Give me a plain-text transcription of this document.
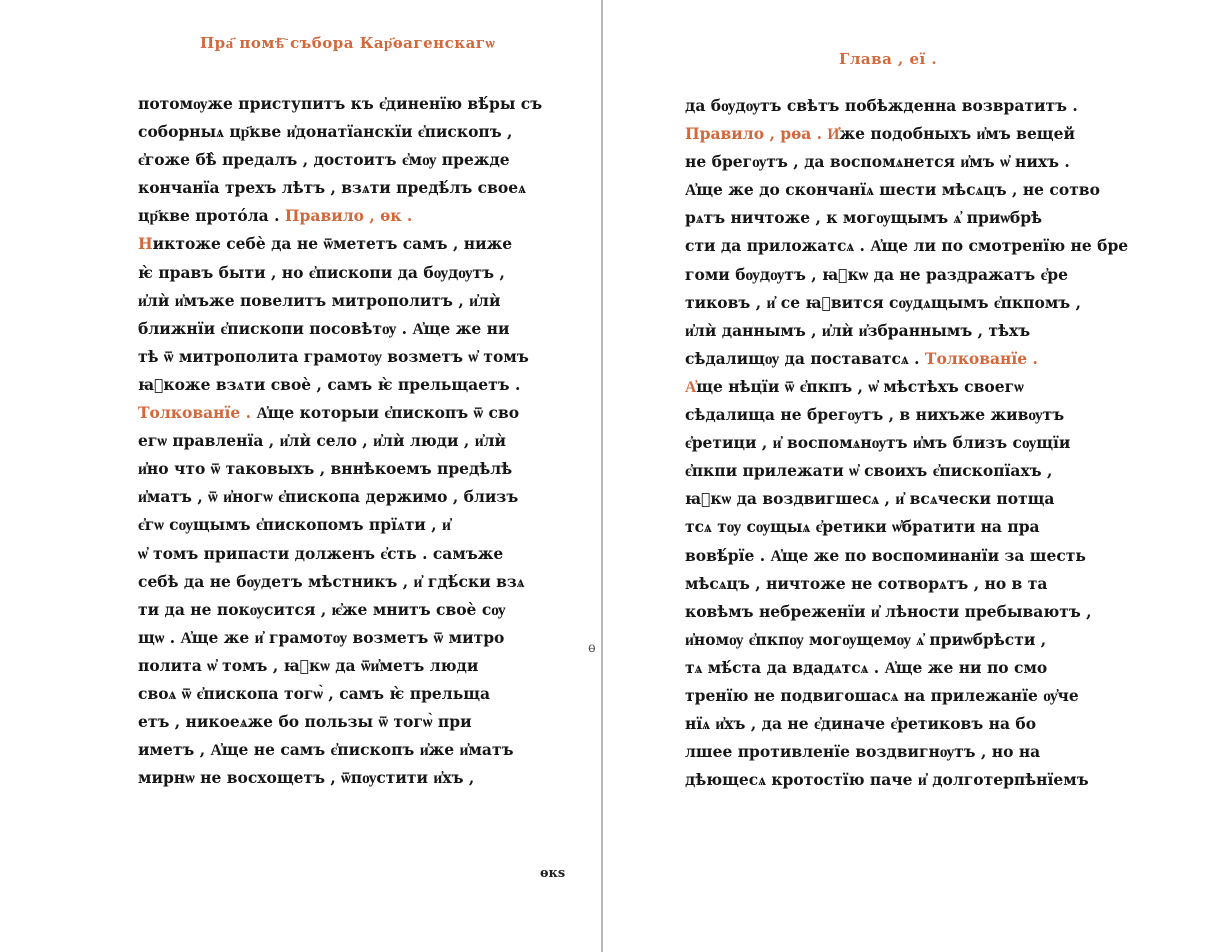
Пра҃ помѣ҇ събора Кар҃ѳагенскагѡ
потомѹже приступитъ къ є҆динeнїю вѣ́ры съ
соборныѧ цр҃кве и҆донатїанскїи є҆пископъ ,
є҆гоже бѣ̀ предалъ , достоитъ є҆мѹ прежде
кончанїа трехъ лѣтъ , взѧти предѣ́лъ своеѧ
цр҃кве прото́ла . Правило , ѳк .
Никтоже себѐ да не ѿмететъ самъ , ниже
ѥ̀ правъ быти , но є҆пископи да бѹдѹтъ ,
и҆лѝ и҆мъже повелитъ митрополитъ , и҆лѝ
ближнїи є҆пископи посовѣтѹ . А҆ще же ни
тѣ ѿ митрополита грамотѹ возметъ ѡ҆ томъ
ꙗ҆коже взѧти своѐ , самъ ѥ̀ прельщаетъ .
Толкованїе . А҆ще которыи є҆пископъ ѿ сво
егѡ правленїа , и҆лѝ село , и҆лѝ люди , и҆лѝ
и҆но что ѿ таковыхъ , вннѣкоемъ предѣлѣ
и҆матъ , ѿ и҆ногѡ є҆пископа держимо , близъ
є҆гѡ сѹщымъ є҆пископомъ прїѧти , и҆
ѡ҆ томъ припасти долженъ є҆сть . самъже
себѣ да не бѹдетъ мѣстникъ , и҆ гдѣ́ски взѧ
ти да не покѹсится , ѥ҆же мнитъ своѐ сѹ
щѡ . А҆ще же и҆ грамотѹ возметъ ѿ митро
полита ѡ҆ томъ , ꙗ҆кѡ да ѿи҆метъ люди
своѧ ѿ є҆пископа тогѡ̀ , самъ ѥ̀ прельща
етъ , никоеѧже бо пользы ѿ тогѡ̀ при
иметъ , А҆ще не самъ є҆пископъ и҆же и҆матъ
мирнѡ не восхощетъ , ѿпѹстити и҆хъ ,
ѳкѕ
ѳ
Глава , еї .
да бѹдѹтъ свѣтъ побѣжденна возвратитъ .
Правило , рѳа . И҆же подобныхъ и҆мъ вещей
не брегѹтъ , да воспомѧнется и҆мъ ѡ҆ нихъ .
А҆ще же до скончанїѧ шести мѣсѧцъ , не сотво
рѧтъ ничтоже , к могѹщымъ ѧ҆ приѡбрѣ
сти да приложатсѧ . А҆ще ли по смотренїю не бре
гоми бѹдѹтъ , ꙗ҆кѡ да не раздражатъ є҆ре
тиковъ , и҆ се ꙗ҆вится сѹдѧщымъ є҆пкпомъ ,
и҆лѝ даннымъ , и҆лѝ и҆збраннымъ , тѣхъ
сѣдалищѹ да поставатсѧ . Толкованїе .
А҆ще нѣцїи ѿ є҆пкпъ , ѡ҆ мѣстѣхъ своегѡ
сѣдалища не брегѹтъ , в нихъже живѹтъ
є҆ретици , и҆ воспомѧнѹтъ и҆мъ близъ сѹщїи
є҆пкпи прилежати ѡ҆ своихъ є҆пископїахъ ,
ꙗ҆кѡ да воздвигшесѧ , и҆ всѧчески потща
тсѧ тѹ сѹщыѧ є҆ретики ѡ҆братити на пра
вовѣ́рїе . А҆ще же по воспоминанїи за шесть
мѣсѧцъ , ничтоже не сотворѧтъ , но в та
ковѣмъ небреженїи и҆ лѣности пребываютъ ,
и҆номѹ є҆пкпѹ могѹщемѹ ѧ҆ приѡбрѣсти ,
тѧ мѣ́ста да вдадѧтсѧ . А҆ще же ни по смо
тренїю не подвигошасѧ на прилежанїе ѹ҆че
нїѧ и҆хъ , да не є҆диначе є҆ретиковъ на бо
лшее противленїе воздвигнѹтъ , но на
дѣющесѧ кротостїю паче и҆ долготерпѣнїемъ
